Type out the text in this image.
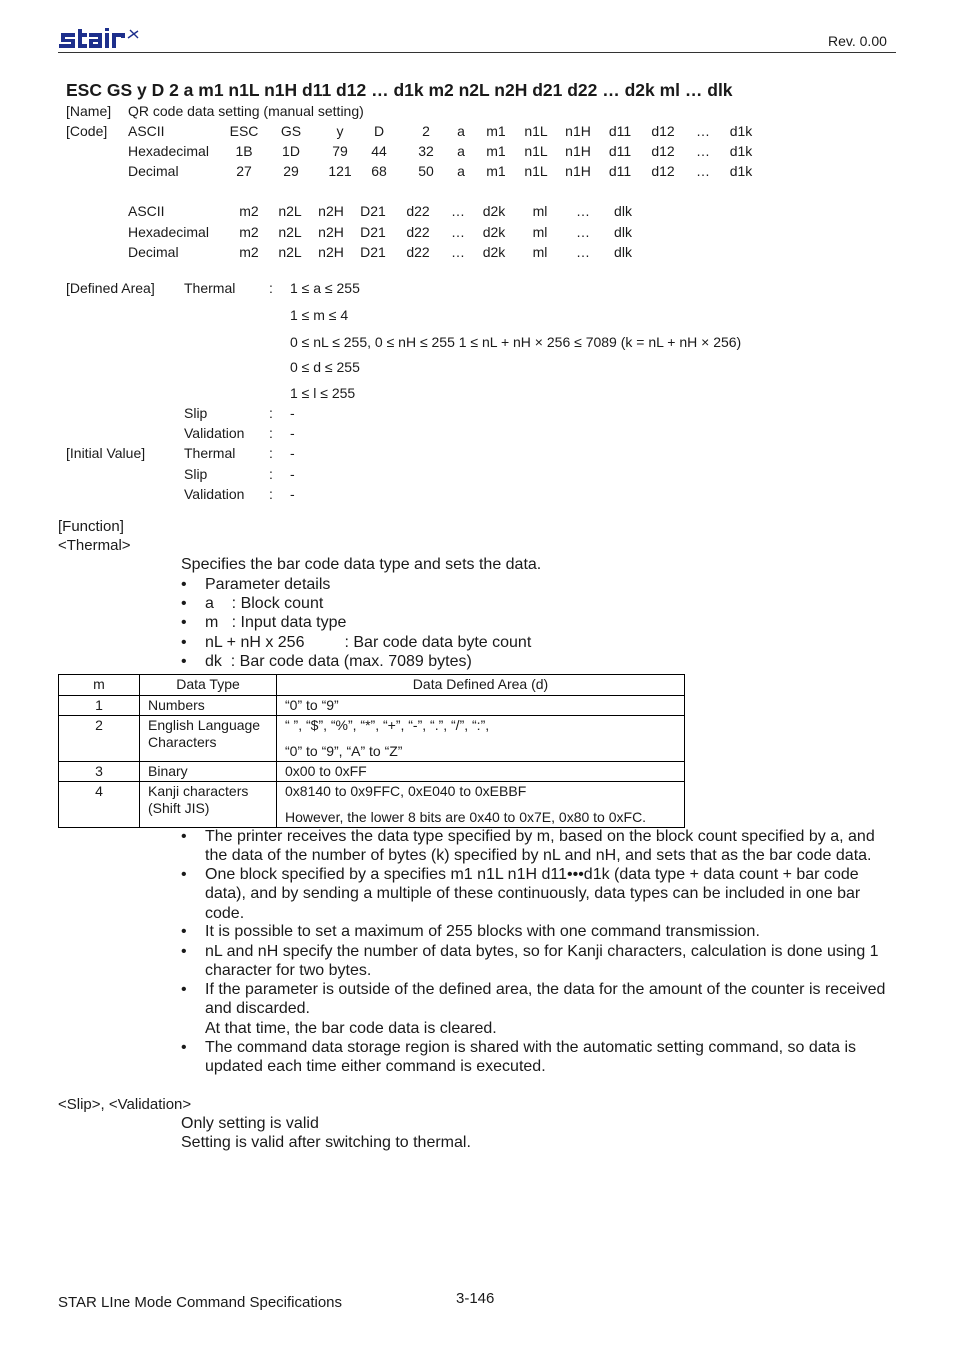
Rev. 0.00
ESC GS y D 2 a m1 n1L n1H d11 d12 … d1k m2 n2L n2H d21 d22 … d2k ml … dlk
[Name] QR code data setting (manual setting)
[Code] ASCII	ESC GS	y D	2 a m1 n1L n1H d11 d12 … d1k
Hexadecimal 1B 1D 79 44 32 a m1 n1L n1H d11 d12 … d1k
Decimal	27 29 121 68 50 a m1 n1L n1H d11 d12 … d1k
ASCII	m2 n2L n2H D21 d22 … d2k ml … dlk
Hexadecimal m2 n2L n2H D21 d22 … d2k ml … dlk
Decimal	m2 n2L n2H D21 d22 … d2k ml … dlk
[Defined Area] Thermal : 1 ≤ a ≤ 255
1 ≤ m ≤ 4
0 ≤ nL ≤ 255, 0 ≤ nH ≤ 255 1 ≤ nL + nH × 256 ≤ 7089 (k = nL + nH × 256)
0 ≤ d ≤ 255
1 ≤ l ≤ 255
Slip	: -
Validation : -
[Initial Value]	Thermal : -
Slip	: -
Validation : -
[Function]
<Thermal>
Specifies the bar code data type and sets the data.
• Parameter details
• a    : Block count
• m   : Input data type
• nL + nH x 256         : Bar code data byte count
• dk  : Bar code data (max. 7089 bytes)
m	Data Type	Data Defined Area (d)
1	Numbers	“0” to “9”
2	English Language Characters	“ ”, “$”, “%”, “*”, “+”, “-”, “.”, “/”, “:”,
“0” to “9”, “A” to “Z”

3	Binary	0x00 to 0xFF
4	Kanji characters (Shift JIS)	0x8140 to 0x9FFC, 0xE040 to 0xEBBF
However, the lower 8 bits are 0x40 to 0x7E, 0x80 to 0xFC.
• The printer receives the data type specified by m, based on the block count specified by a, and the data of the number of bytes (k) specified by nL and nH, and sets that as the bar code data.
• One block specified by a specifies m1 n1L n1H d11•••d1k (data type + data count + bar code data), and by sending a multiple of these continuously, data types can be included in one bar code.
• It is possible to set a maximum of 255 blocks with one command transmission.
• nL and nH specify the number of data bytes, so for Kanji characters, calculation is done using 1 character for two bytes.
• If the parameter is outside of the defined area, the data for the amount of the counter is received and discarded.
At that time, the bar code data is cleared.
• The command data storage region is shared with the automatic setting command, so data is updated each time either command is executed.
<Slip>, <Validation>
Only setting is valid
Setting is valid after switching to thermal.
STAR LIne Mode Command Specifications	3-146
